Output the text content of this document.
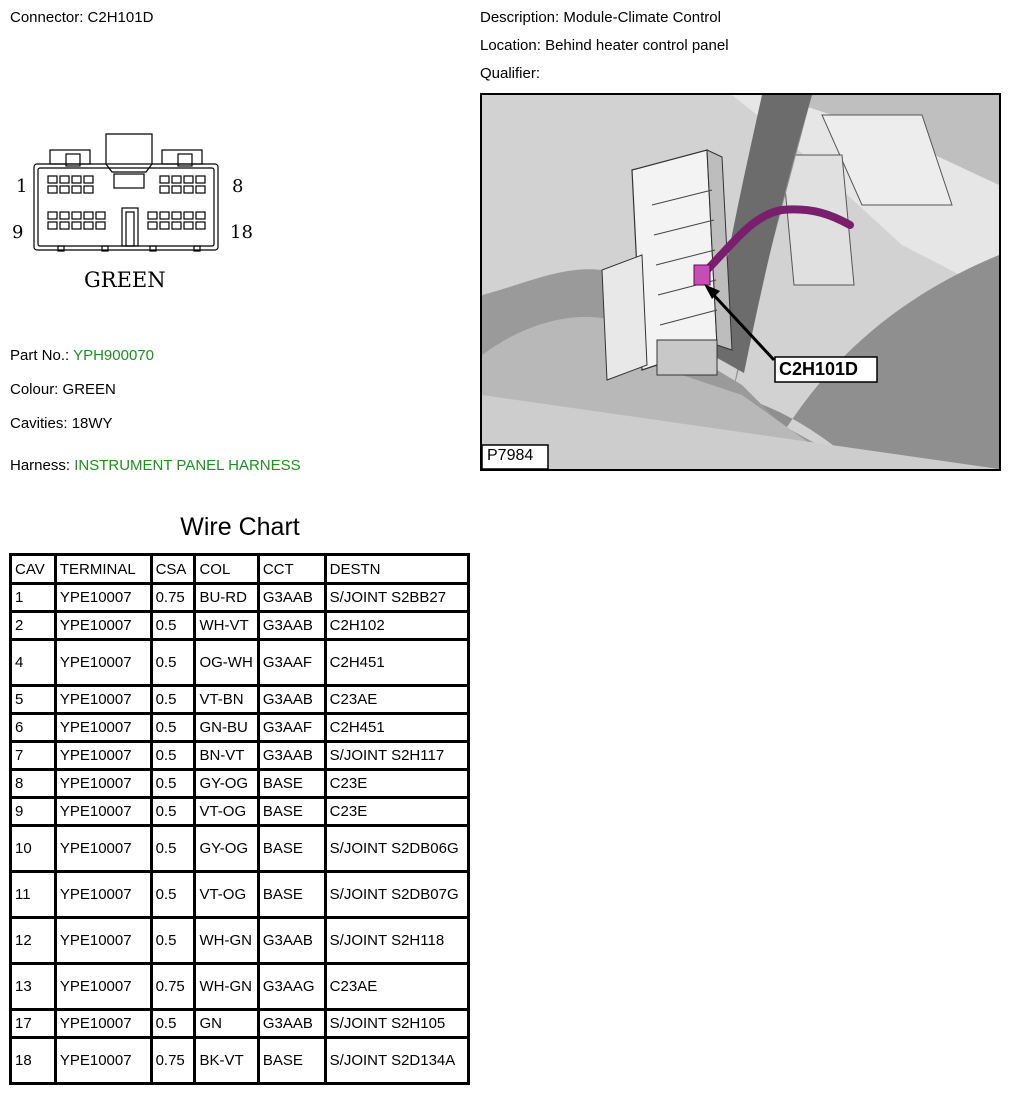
Connector: C2H101D	Description: Module-Climate Control
Location: Behind heater control panel
Qualifier:
1	8
9	18
GREEN
Part No.: YPH900070
Colour: GREEN
Cavities: 18WY
Harness: INSTRUMENT PANEL HARNESS
C2H101D
P7984
Wire Chart
CAV	TERMINAL	CSA	COL	CCT	DESTN
1	YPE10007	0.75	BU-RD	G3AAB	S/JOINT S2BB27
2	YPE10007	0.5	WH-VT	G3AAB	C2H102
4	YPE10007	0.5	OG-WH	G3AAF	C2H451
5	YPE10007	0.5	VT-BN	G3AAB	C23AE
6	YPE10007	0.5	GN-BU	G3AAF	C2H451
7	YPE10007	0.5	BN-VT	G3AAB	S/JOINT S2H117
8	YPE10007	0.5	GY-OG	BASE	C23E
9	YPE10007	0.5	VT-OG	BASE	C23E
10	YPE10007	0.5	GY-OG	BASE	S/JOINT S2DB06G
11	YPE10007	0.5	VT-OG	BASE	S/JOINT S2DB07G
12	YPE10007	0.5	WH-GN	G3AAB	S/JOINT S2H118
13	YPE10007	0.75	WH-GN	G3AAG	C23AE
17	YPE10007	0.5	GN	G3AAB	S/JOINT S2H105
18	YPE10007	0.75	BK-VT	BASE	S/JOINT S2D134A
